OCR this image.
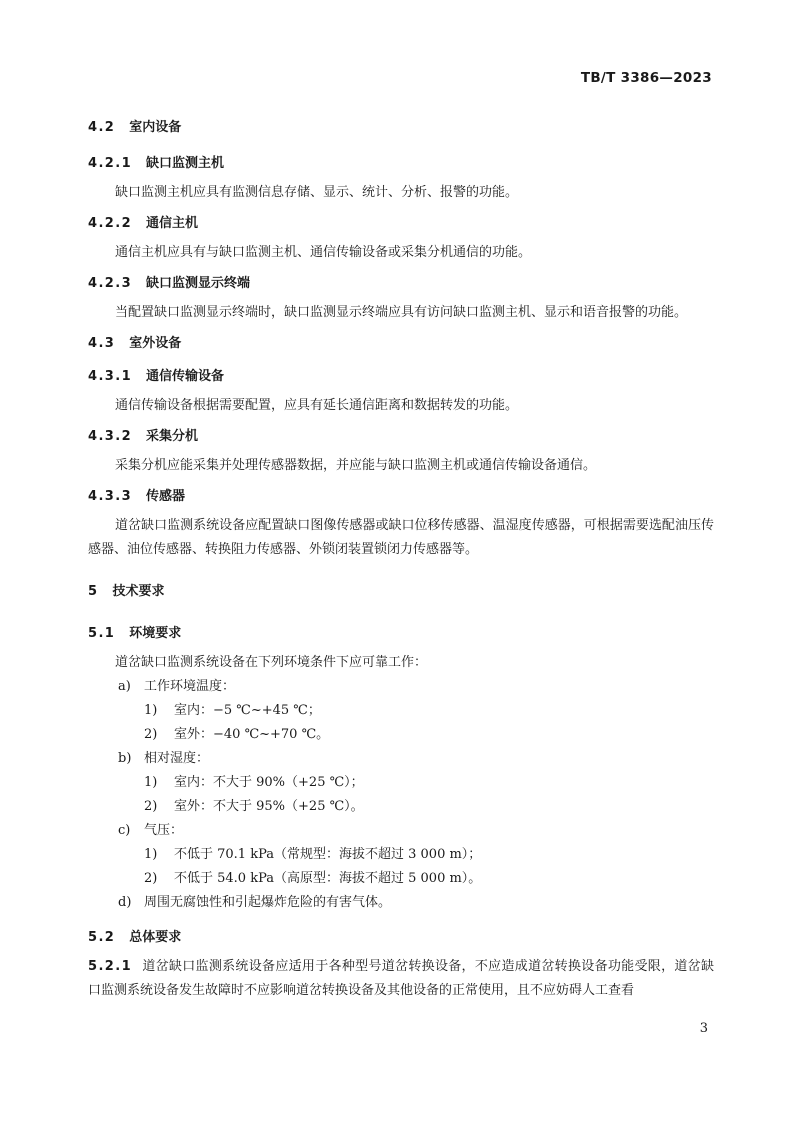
TB/T 3386—2023
4.2 室内设备
4.2.1 缺口监测主机
缺口监测主机应具有监测信息存储、显示、统计、分析、报警的功能。
4.2.2 通信主机
通信主机应具有与缺口监测主机、通信传输设备或采集分机通信的功能。
4.2.3 缺口监测显示终端
当配置缺口监测显示终端时，缺口监测显示终端应具有访问缺口监测主机、显示和语音报警的功能。
4.3 室外设备
4.3.1 通信传输设备
通信传输设备根据需要配置，应具有延长通信距离和数据转发的功能。
4.3.2 采集分机
采集分机应能采集并处理传感器数据，并应能与缺口监测主机或通信传输设备通信。
4.3.3 传感器
道岔缺口监测系统设备应配置缺口图像传感器或缺口位移传感器、温湿度传感器，可根据需要选配油压传感器、油位传感器、转换阻力传感器、外锁闭装置锁闭力传感器等。
5 技术要求
5.1 环境要求
道岔缺口监测系统设备在下列环境条件下应可靠工作：
a) 工作环境温度：
1) 室内：−5 ℃~+45 ℃；
2) 室外：−40 ℃~+70 ℃。
b) 相对湿度：
1) 室内：不大于 90%（+25 ℃）；
2) 室外：不大于 95%（+25 ℃）。
c) 气压：
1) 不低于 70.1 kPa（常规型：海拔不超过 3 000 m）；
2) 不低于 54.0 kPa（高原型：海拔不超过 5 000 m）。
d) 周围无腐蚀性和引起爆炸危险的有害气体。
5.2 总体要求
5.2.1 道岔缺口监测系统设备应适用于各种型号道岔转换设备，不应造成道岔转换设备功能受限，道岔缺口监测系统设备发生故障时不应影响道岔转换设备及其他设备的正常使用，且不应妨碍人工查看
3
